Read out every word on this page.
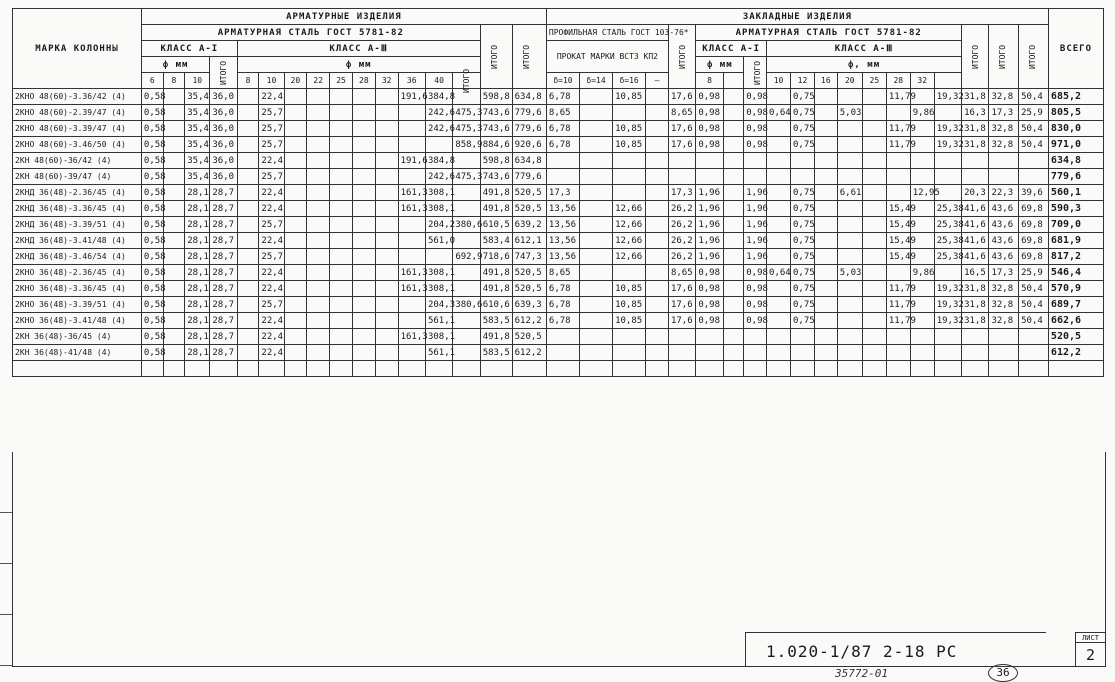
МАРКА КОЛОННЫ	АРМАТУРНЫЕ ИЗДЕЛИЯ																ЗАКЛАДНЫЕ ИЗДЕЛИЯ																			ВСЕГО
	АРМАТУРНАЯ СТАЛЬ ГОСТ 5781-82														ИТОГО	ИТОГО	ПРОФИЛЬНАЯ СТАЛЬ ГОСТ 103-76*				ИТОГО	АРМАТУРНАЯ СТАЛЬ ГОСТ 5781-82											ИТОГО	ИТОГО	ИТОГО	
	КЛАСС А-I				КЛАСС А-Ⅲ												ПРОКАТ МАРКИ ВСТ3 КП2					КЛАСС А-I			КЛАСС А-Ⅲ											
	ф мм			ИТОГО	ф мм																	ф мм		ИТОГО	ф, мм											
	6	8	10		8	10	20	22	25	28	32	36	40	ИТОГО			δ=10	δ=14	δ=16	—		8			10	12	16	20	25	28	32					
2КНО 48(60)-3.36/42 (4)	0,58		35,4	36,0		22,4						191,6	384,8		598,8	634,8	6,78		10,85		17,6	0,98		0,98		0,75				11,79		19,32	31,8	32,8	50,4	685,2
2КНО 48(60)-2.39/47 (4)	0,58		35,4	36,0		25,7							242,6	475,3	743,6	779,6	8,65				8,65	0,98		0,98	0,64	0,75		5,03			9,86		16,3	17,3	25,9	805,5
2КНО 48(60)-3.39/47 (4)	0,58		35,4	36,0		25,7							242,6	475,3	743,6	779,6	6,78		10,85		17,6	0,98		0,98		0,75				11,79		19,32	31,8	32,8	50,4	830,0
2КНО 48(60)-3.46/50 (4)	0,58		35,4	36,0		25,7								858,9	884,6	920,6	6,78		10,85		17,6	0,98		0,98		0,75				11,79		19,32	31,8	32,8	50,4	971,0
2КН 48(60)-36/42 (4)	0,58		35,4	36,0		22,4						191,6	384,8		598,8	634,8																				634,8
2КН 48(60)-39/47 (4)	0,58		35,4	36,0		25,7							242,6	475,3	743,6	779,6																				779,6
2КНД 36(48)-2.36/45 (4)	0,58		28,1	28,7		22,4						161,3	308,1		491,8	520,5	17,3				17,3	1,96		1,96		0,75		6,61			12,95		20,3	22,3	39,6	560,1
2КНД 36(48)-3.36/45 (4)	0,58		28,1	28,7		22,4						161,3	308,1		491,8	520,5	13,56		12,66		26,2	1,96		1,96		0,75				15,49		25,38	41,6	43,6	69,8	590,3
2КНД 36(48)-3.39/51 (4)	0,58		28,1	28,7		25,7							204,2	380,6	610,5	639,2	13,56		12,66		26,2	1,96		1,96		0,75				15,49		25,38	41,6	43,6	69,8	709,0
2КНД 36(48)-3.41/48 (4)	0,58		28,1	28,7		22,4							561,0		583,4	612,1	13,56		12,66		26,2	1,96		1,96		0,75				15,49		25,38	41,6	43,6	69,8	681,9
2КНД 36(48)-3.46/54 (4)	0,58		28,1	28,7		25,7								692,9	718,6	747,3	13,56		12,66		26,2	1,96		1,96		0,75				15,49		25,38	41,6	43,6	69,8	817,2
2КНО 36(48)-2.36/45 (4)	0,58		28,1	28,7		22,4						161,3	308,1		491,8	520,5	8,65				8,65	0,98		0,98	0,64	0,75		5,03			9,86		16,5	17,3	25,9	546,4
2КНО 36(48)-3.36/45 (4)	0,58		28,1	28,7		22,4						161,3	308,1		491,8	520,5	6,78		10,85		17,6	0,98		0,98		0,75				11,79		19,32	31,8	32,8	50,4	570,9
2КНО 36(48)-3.39/51 (4)	0,58		28,1	28,7		25,7							204,3	380,6	610,6	639,3	6,78		10,85		17,6	0,98		0,98		0,75				11,79		19,32	31,8	32,8	50,4	689,7
2КНО 36(48)-3.41/48 (4)	0,58		28,1	28,7		22,4							561,1		583,5	612,2	6,78		10,85		17,6	0,98		0,98		0,75				11,79		19,32	31,8	32,8	50,4	662,6
2КН 36(48)-36/45 (4)	0,58		28,1	28,7		22,4						161,3	308,1		491,8	520,5																				520,5
2КН 36(48)-41/48 (4)	0,58		28,1	28,7		22,4							561,1		583,5	612,2																				612,2

1.020-1/87 2-18 РС
ЛИСТ
2
35772-01	36
